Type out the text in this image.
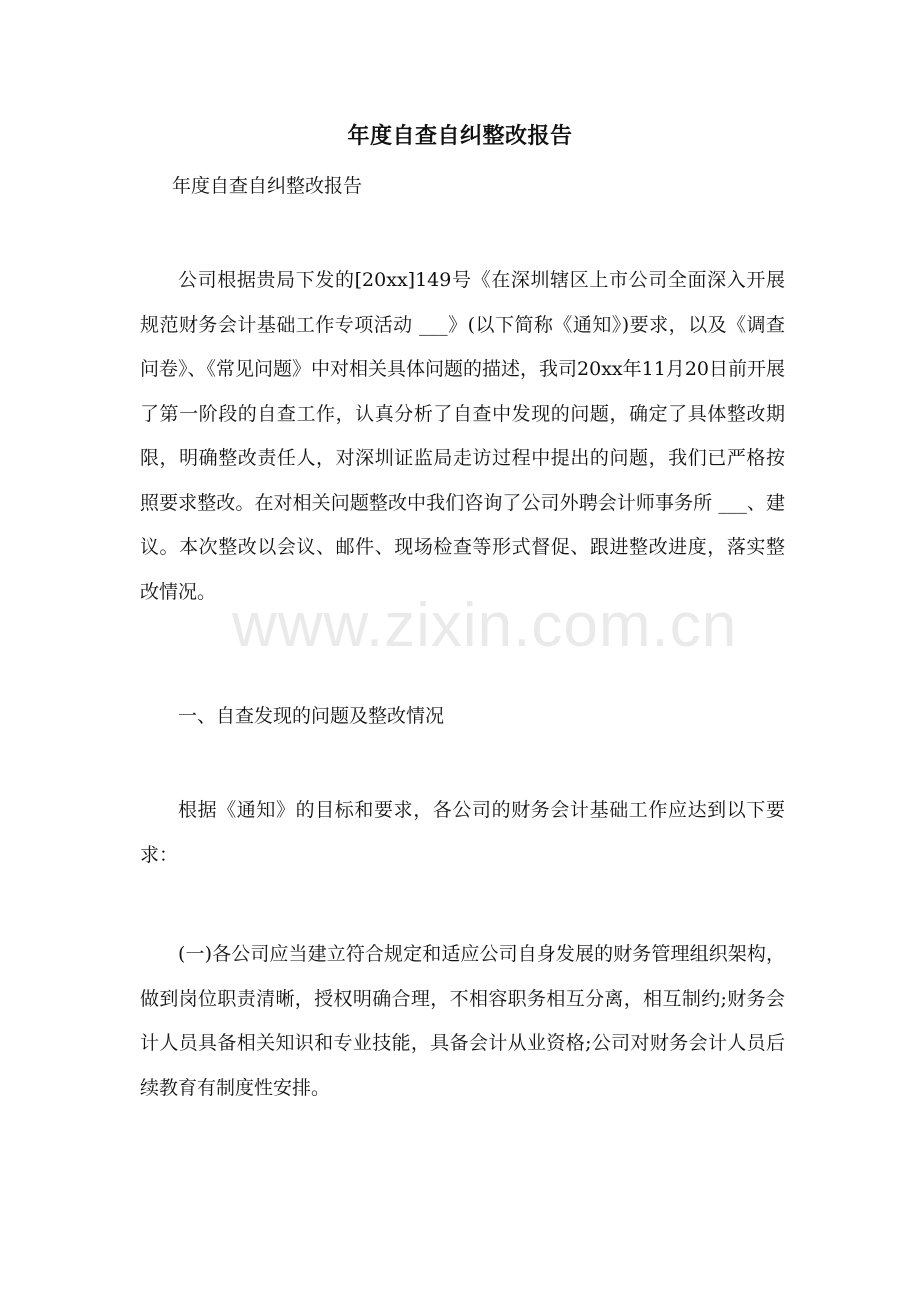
年度自查自纠整改报告
年度自查自纠整改报告
公司根据贵局下发的[20xx]149号《在深圳辖区上市公司全面深入开展规范财务会计基础工作专项活动 ___》(以下简称《通知》)要求，以及《调查问卷》、《常见问题》中对相关具体问题的描述，我司20xx年11月20日前开展了第一阶段的自查工作，认真分析了自查中发现的问题，确定了具体整改期限，明确整改责任人，对深圳证监局走访过程中提出的问题，我们已严格按照要求整改。在对相关问题整改中我们咨询了公司外聘会计师事务所 ___、建议。本次整改以会议、邮件、现场检查等形式督促、跟进整改进度，落实整改情况。
一、自查发现的问题及整改情况
根据《通知》的目标和要求，各公司的财务会计基础工作应达到以下要求：
(一)各公司应当建立符合规定和适应公司自身发展的财务管理组织架构，做到岗位职责清晰，授权明确合理，不相容职务相互分离，相互制约;财务会计人员具备相关知识和专业技能，具备会计从业资格;公司对财务会计人员后续教育有制度性安排。
www.zixin.com.cn
